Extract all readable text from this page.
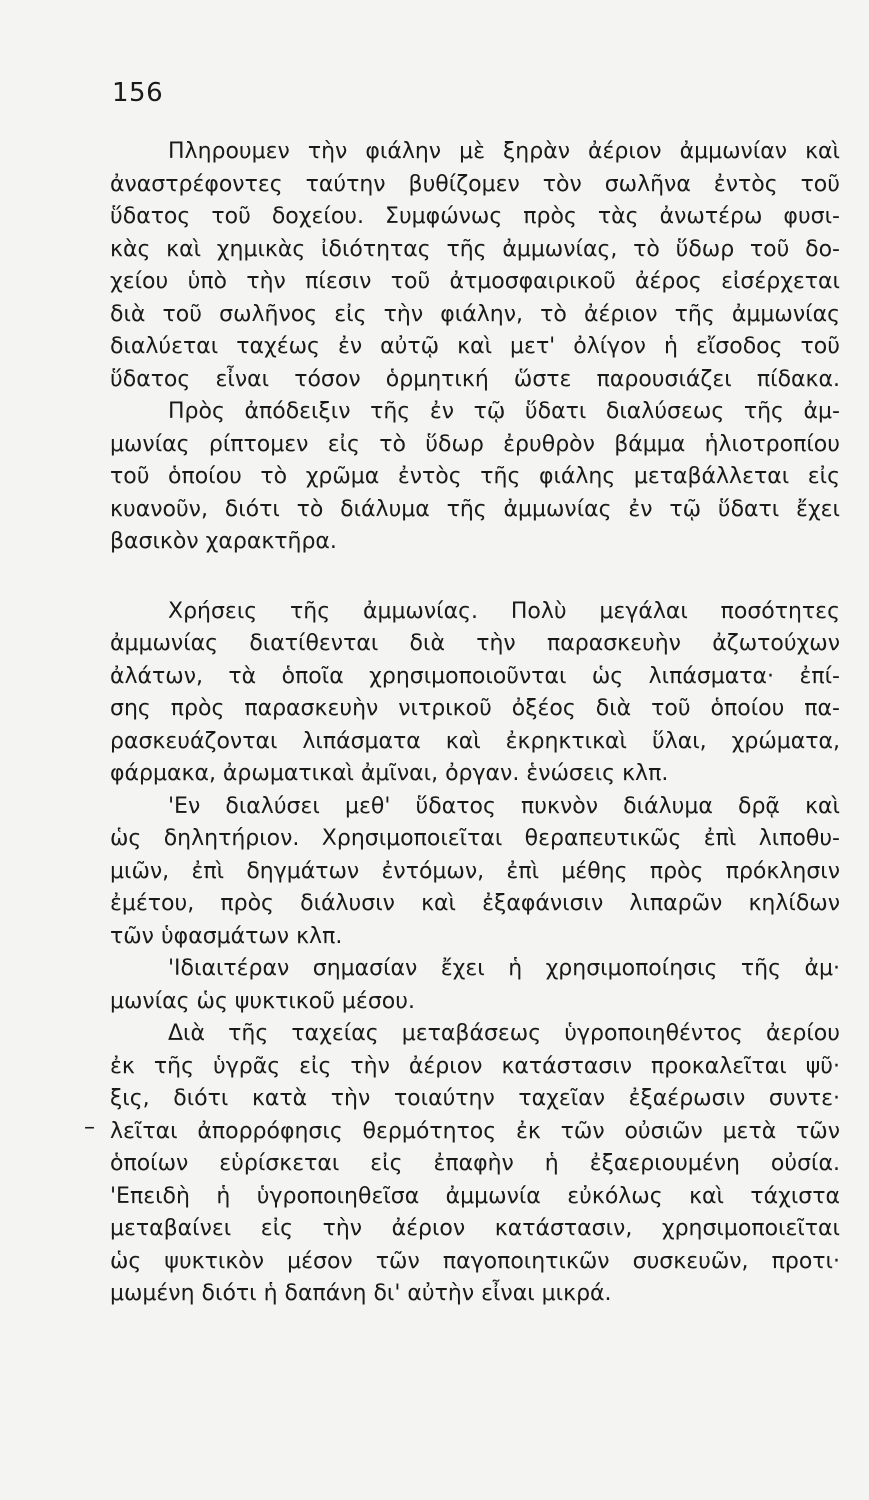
156
–
Πληρουμεν τὴν φιάλην μὲ ξηρὰν ἀέριον ἀμμωνίαν καὶ
ἀναστρέφοντες ταύτην βυθίζομεν τὸν σωλῆνα ἐντὸς τοῦ
ὕδατος τοῦ δοχείου. Συμφώνως πρὸς τὰς ἀνωτέρω φυσι-
κὰς καὶ χημικὰς ἰδιότητας τῆς ἀμμωνίας, τὸ ὕδωρ τοῦ δο-
χείου ὑπὸ τὴν πίεσιν τοῦ ἀτμοσφαιρικοῦ ἀέρος εἰσέρχεται
διὰ τοῦ σωλῆνος εἰς τὴν φιάλην, τὸ ἀέριον τῆς ἀμμωνίας
διαλύεται ταχέως ἐν αὐτῷ καὶ μετ' ὀλίγον ἡ εἴσοδος τοῦ
ὕδατος εἶναι τόσον ὁρμητική ὥστε παρουσιάζει πίδακα.
Πρὸς ἀπόδειξιν τῆς ἐν τῷ ὕδατι διαλύσεως τῆς ἀμ-
μωνίας ρίπτομεν εἰς τὸ ὕδωρ ἐρυθρὸν βάμμα ἡλιοτροπίου
τοῦ ὁποίου τὸ χρῶμα ἐντὸς τῆς φιάλης μεταβάλλεται εἰς
κυανοῦν, διότι τὸ διάλυμα τῆς ἀμμωνίας ἐν τῷ ὕδατι ἔχει
βασικὸν χαρακτῆρα.
Χρήσεις τῆς ἀμμωνίας. Πολὺ μεγάλαι ποσότητες
ἀμμωνίας διατίθενται διὰ τὴν παρασκευὴν ἀζωτούχων
ἀλάτων, τὰ ὁποῖα χρησιμοποιοῦνται ὡς λιπάσματα· ἐπί-
σης πρὸς παρασκευὴν νιτρικοῦ ὀξέος διὰ τοῦ ὁποίου πα-
ρασκευάζονται λιπάσματα καὶ ἐκρηκτικαὶ ὕλαι, χρώματα,
φάρμακα, ἀρωματικαὶ ἀμῖναι, ὀργαν. ἑνώσεις κλπ.
'Εν διαλύσει μεθ' ὕδατος πυκνὸν διάλυμα δρᾷ καὶ
ὡς δηλητήριον. Χρησιμοποιεῖται θεραπευτικῶς ἐπὶ λιποθυ-
μιῶν, ἐπὶ δηγμάτων ἐντόμων, ἐπὶ μέθης πρὸς πρόκλησιν
ἐμέτου, πρὸς διάλυσιν καὶ ἐξαφάνισιν λιπαρῶν κηλίδων
τῶν ὑφασμάτων κλπ.
'Ιδιαιτέραν σημασίαν ἔχει ἡ χρησιμοποίησις τῆς ἀμ·
μωνίας ὡς ψυκτικοῦ μέσου.
Διὰ τῆς ταχείας μεταβάσεως ὑγροποιηθέντος ἀερίου
ἐκ τῆς ὑγρᾶς εἰς τὴν ἀέριον κατάστασιν προκαλεῖται ψῦ·
ξις, διότι κατὰ τὴν τοιαύτην ταχεῖαν ἐξαέρωσιν συντε·
λεῖται ἀπορρόφησις θερμότητος ἐκ τῶν οὐσιῶν μετὰ τῶν
ὁποίων εὑρίσκεται εἰς ἐπαφὴν ἡ ἐξαεριουμένη οὐσία.
'Επειδὴ ἡ ὑγροποιηθεῖσα ἀμμωνία εὐκόλως καὶ τάχιστα
μεταβαίνει εἰς τὴν ἀέριον κατάστασιν, χρησιμοποιεῖται
ὡς ψυκτικὸν μέσον τῶν παγοποιητικῶν συσκευῶν, προτι·
μωμένη διότι ἡ δαπάνη δι' αὐτὴν εἶναι μικρά.
